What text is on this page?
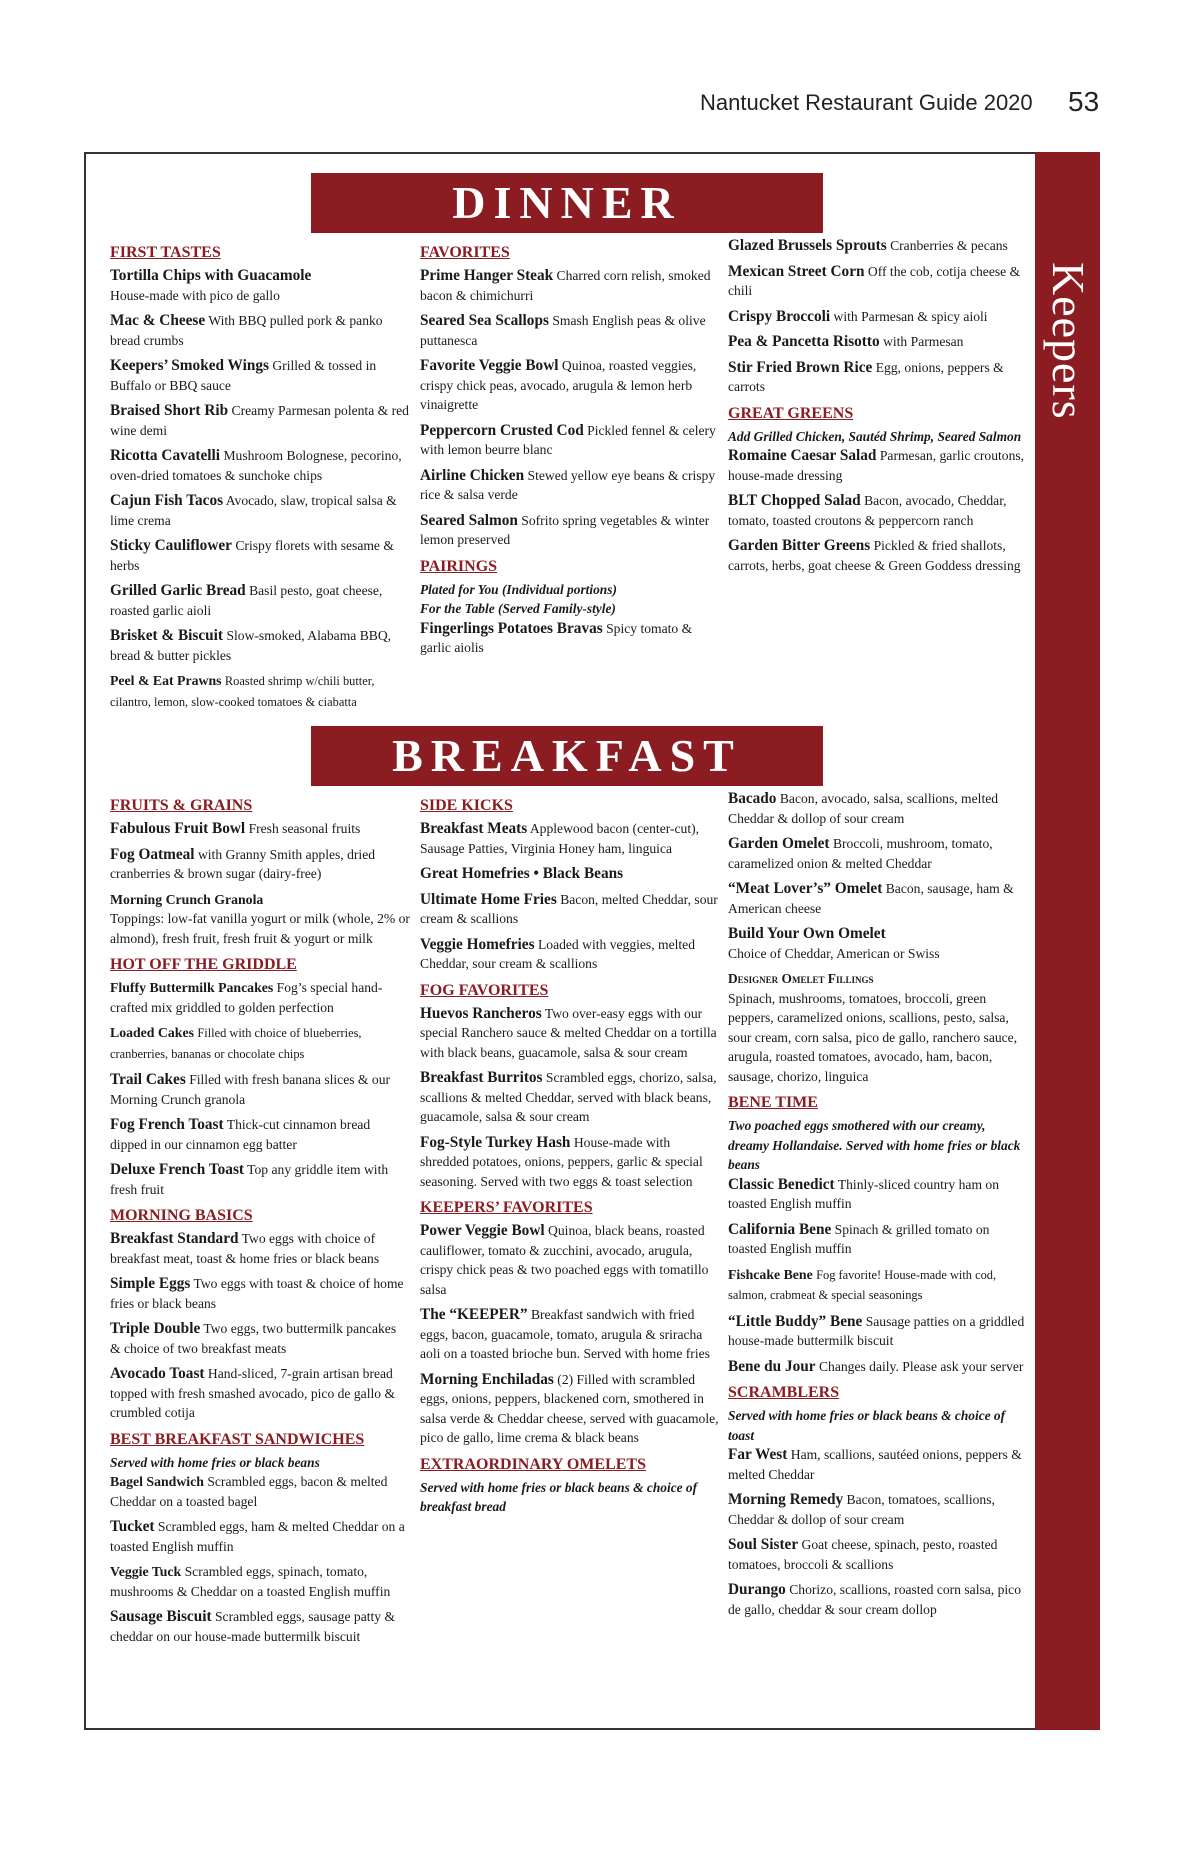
Nantucket Restaurant Guide 2020 53
Keepers
DINNER
FIRST TASTES
Tortilla Chips with Guacamole
House-made with pico de gallo
Mac & Cheese With BBQ pulled pork & panko bread crumbs
Keepers’ Smoked Wings Grilled & tossed in Buffalo or BBQ sauce
Braised Short Rib Creamy Parmesan polenta & red wine demi
Ricotta Cavatelli Mushroom Bolognese, pecorino, oven-dried tomatoes & sunchoke chips
Cajun Fish Tacos Avocado, slaw, tropical salsa & lime crema
Sticky Cauliflower Crispy florets with sesame & herbs
Grilled Garlic Bread Basil pesto, goat cheese, roasted garlic aioli
Brisket & Biscuit Slow-smoked, Alabama BBQ, bread & butter pickles
Peel & Eat Prawns Roasted shrimp w/chili butter, cilantro, lemon, slow-cooked tomatoes & ciabatta
FAVORITES
Prime Hanger Steak Charred corn relish, smoked bacon & chimichurri
Seared Sea Scallops Smash English peas & olive puttanesca
Favorite Veggie Bowl Quinoa, roasted veggies, crispy chick peas, avocado, arugula & lemon herb vinaigrette
Peppercorn Crusted Cod Pickled fennel & celery with lemon beurre blanc
Airline Chicken Stewed yellow eye beans & crispy rice & salsa verde
Seared Salmon Sofrito spring vegetables & winter lemon preserved
PAIRINGS
Plated for You (Individual portions)
For the Table (Served Family-style)
Fingerlings Potatoes Bravas Spicy tomato & garlic aiolis
Glazed Brussels Sprouts Cranberries & pecans
Mexican Street Corn Off the cob, cotija cheese & chili
Crispy Broccoli with Parmesan & spicy aioli
Pea & Pancetta Risotto with Parmesan
Stir Fried Brown Rice Egg, onions, peppers & carrots
GREAT GREENS
Add Grilled Chicken, Sautéd Shrimp, Seared Salmon
Romaine Caesar Salad Parmesan, garlic croutons, house-made dressing
BLT Chopped Salad Bacon, avocado, Cheddar, tomato, toasted croutons & peppercorn ranch
Garden Bitter Greens Pickled & fried shallots, carrots, herbs, goat cheese & Green Goddess dressing
BREAKFAST
FRUITS & GRAINS
Fabulous Fruit Bowl Fresh seasonal fruits
Fog Oatmeal with Granny Smith apples, dried cranberries & brown sugar (dairy-free)
Morning Crunch Granola
Toppings: low-fat vanilla yogurt or milk (whole, 2% or almond), fresh fruit, fresh fruit & yogurt or milk
HOT OFF THE GRIDDLE
Fluffy Buttermilk Pancakes Fog’s special hand-crafted mix griddled to golden perfection
Loaded Cakes Filled with choice of blueberries, cranberries, bananas or chocolate chips
Trail Cakes Filled with fresh banana slices & our Morning Crunch granola
Fog French Toast Thick-cut cinnamon bread dipped in our cinnamon egg batter
Deluxe French Toast Top any griddle item with fresh fruit
MORNING BASICS
Breakfast Standard Two eggs with choice of breakfast meat, toast & home fries or black beans
Simple Eggs Two eggs with toast & choice of home fries or black beans
Triple Double Two eggs, two buttermilk pancakes & choice of two breakfast meats
Avocado Toast Hand-sliced, 7-grain artisan bread topped with fresh smashed avocado, pico de gallo & crumbled cotija
BEST BREAKFAST SANDWICHES
Served with home fries or black beans
Bagel Sandwich Scrambled eggs, bacon & melted Cheddar on a toasted bagel
Tucket Scrambled eggs, ham & melted Cheddar on a toasted English muffin
Veggie Tuck Scrambled eggs, spinach, tomato, mushrooms & Cheddar on a toasted English muffin
Sausage Biscuit Scrambled eggs, sausage patty & cheddar on our house-made buttermilk biscuit
SIDE KICKS
Breakfast Meats Applewood bacon (center-cut), Sausage Patties, Virginia Honey ham, linguica
Great Homefries • Black Beans
Ultimate Home Fries Bacon, melted Cheddar, sour cream & scallions
Veggie Homefries Loaded with veggies, melted Cheddar, sour cream & scallions
FOG FAVORITES
Huevos Rancheros Two over-easy eggs with our special Ranchero sauce & melted Cheddar on a tortilla with black beans, guacamole, salsa & sour cream
Breakfast Burritos Scrambled eggs, chorizo, salsa, scallions & melted Cheddar, served with black beans, guacamole, salsa & sour cream
Fog-Style Turkey Hash House-made with shredded potatoes, onions, peppers, garlic & special seasoning. Served with two eggs & toast selection
KEEPERS’ FAVORITES
Power Veggie Bowl Quinoa, black beans, roasted cauliflower, tomato & zucchini, avocado, arugula, crispy chick peas & two poached eggs with tomatillo salsa
The “KEEPER” Breakfast sandwich with fried eggs, bacon, guacamole, tomato, arugula & sriracha aoli on a toasted brioche bun. Served with home fries
Morning Enchiladas (2) Filled with scrambled eggs, onions, peppers, blackened corn, smothered in salsa verde & Cheddar cheese, served with guacamole, pico de gallo, lime crema & black beans
EXTRAORDINARY OMELETS
Served with home fries or black beans & choice of breakfast bread
Bacado Bacon, avocado, salsa, scallions, melted Cheddar & dollop of sour cream
Garden Omelet Broccoli, mushroom, tomato, caramelized onion & melted Cheddar
“Meat Lover’s” Omelet Bacon, sausage, ham & American cheese
Build Your Own Omelet
Choice of Cheddar, American or Swiss
Designer Omelet Fillings
Spinach, mushrooms, tomatoes, broccoli, green peppers, caramelized onions, scallions, pesto, salsa, sour cream, corn salsa, pico de gallo, ranchero sauce, arugula, roasted tomatoes, avocado, ham, bacon, sausage, chorizo, linguica
BENE TIME
Two poached eggs smothered with our creamy, dreamy Hollandaise. Served with home fries or black beans
Classic Benedict Thinly-sliced country ham on toasted English muffin
California Bene Spinach & grilled tomato on toasted English muffin
Fishcake Bene Fog favorite! House-made with cod, salmon, crabmeat & special seasonings
“Little Buddy” Bene Sausage patties on a griddled house-made buttermilk biscuit
Bene du Jour Changes daily. Please ask your server
SCRAMBLERS
Served with home fries or black beans & choice of toast
Far West Ham, scallions, sautéed onions, peppers & melted Cheddar
Morning Remedy Bacon, tomatoes, scallions, Cheddar & dollop of sour cream
Soul Sister Goat cheese, spinach, pesto, roasted tomatoes, broccoli & scallions
Durango Chorizo, scallions, roasted corn salsa, pico de gallo, cheddar & sour cream dollop
